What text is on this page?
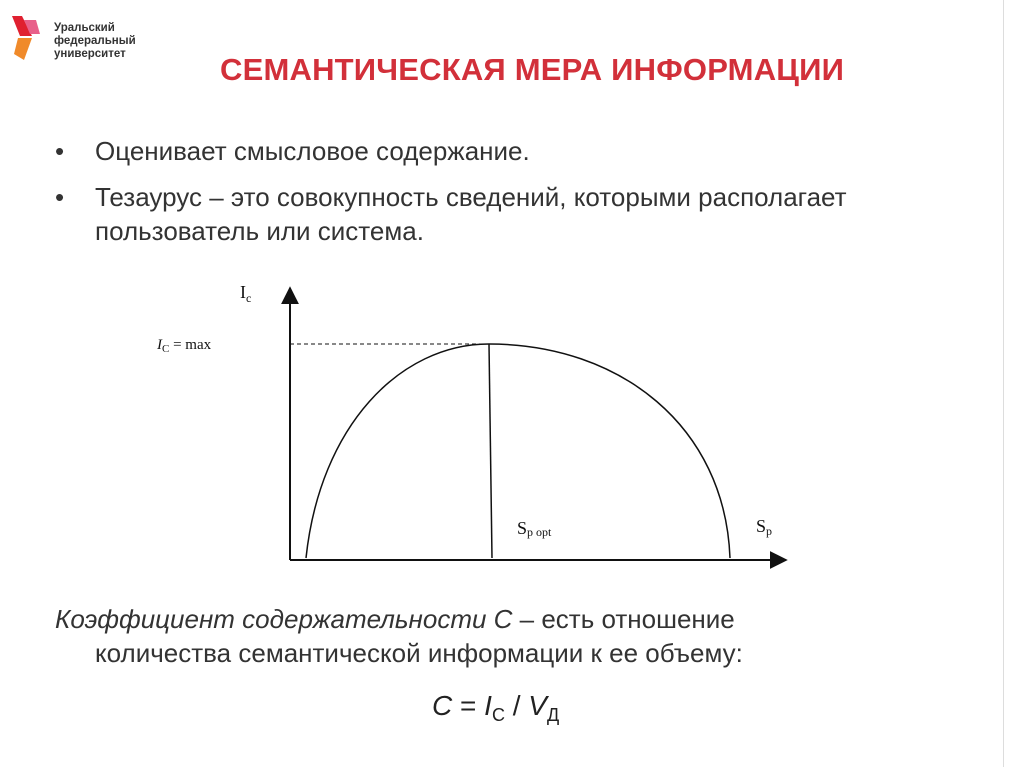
Уральский
федеральный
университет	СЕМАНТИЧЕСКАЯ МЕРА ИНФОРМАЦИИ
• Оценивает смысловое содержание.
• Тезаурус – это совокупность сведений, которыми располагает пользователь или система.
$I_c$
$I_C = \max$
Sp opt	Sp
Коэффициент содержательности С – есть отношение
количества семантической информации к ее объему:
$C = I_C / V_Д$
